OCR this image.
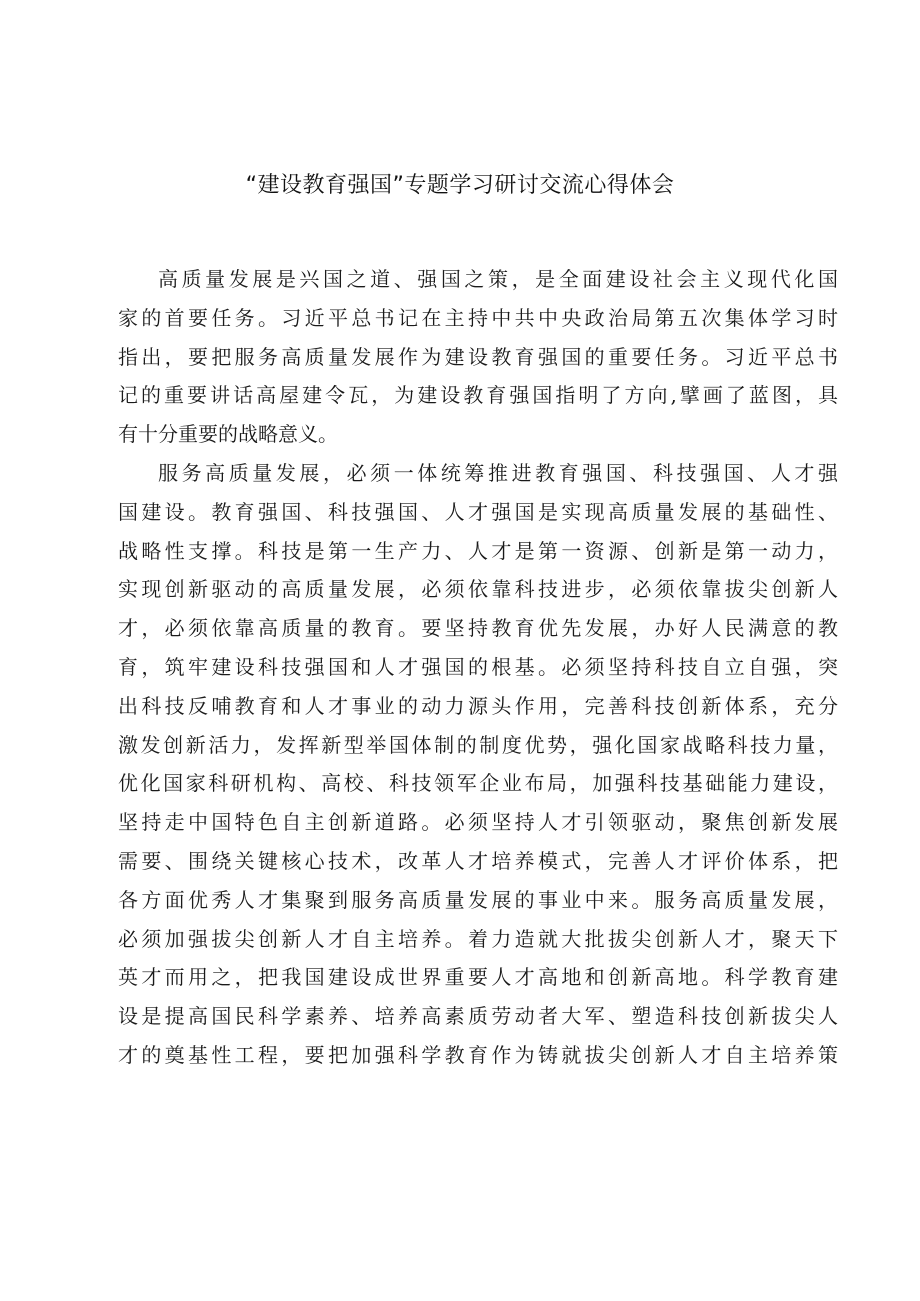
“建设教育强国”专题学习研讨交流心得体会
高质量发展是兴国之道、强国之策，是全面建设社会主义现代化国
家的首要任务。习近平总书记在主持中共中央政治局第五次集体学习时
指出，要把服务高质量发展作为建设教育强国的重要任务。习近平总书
记的重要讲话高屋建令瓦，为建设教育强国指明了方向,擘画了蓝图，具
有十分重要的战略意义。
服务高质量发展，必须一体统筹推进教育强国、科技强国、人才强
国建设。教育强国、科技强国、人才强国是实现高质量发展的基础性、
战略性支撑。科技是第一生产力、人才是第一资源、创新是第一动力，
实现创新驱动的高质量发展，必须依靠科技进步，必须依靠拔尖创新人
才，必须依靠高质量的教育。要坚持教育优先发展，办好人民满意的教
育，筑牢建设科技强国和人才强国的根基。必须坚持科技自立自强，突
出科技反哺教育和人才事业的动力源头作用，完善科技创新体系，充分
激发创新活力，发挥新型举国体制的制度优势，强化国家战略科技力量，
优化国家科研机构、高校、科技领军企业布局，加强科技基础能力建设，
坚持走中国特色自主创新道路。必须坚持人才引领驱动，聚焦创新发展
需要、围绕关键核心技术，改革人才培养模式，完善人才评价体系，把
各方面优秀人才集聚到服务高质量发展的事业中来。服务高质量发展，
必须加强拔尖创新人才自主培养。着力造就大批拔尖创新人才，聚天下
英才而用之，把我国建设成世界重要人才高地和创新高地。科学教育建
设是提高国民科学素养、培养高素质劳动者大军、塑造科技创新拔尖人
才的奠基性工程，要把加强科学教育作为铸就拔尖创新人才自主培养策
